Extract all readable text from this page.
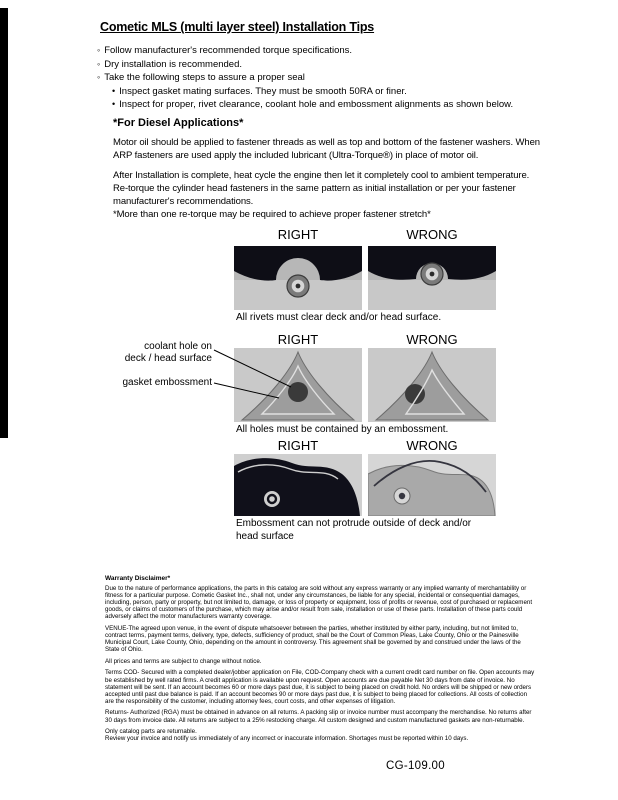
Cometic MLS (multi layer steel) Installation Tips
◦ Follow manufacturer's recommended torque specifications.
◦ Dry installation is recommended.
◦ Take the following steps to assure a proper seal
• Inspect gasket mating surfaces. They must be smooth 50RA or finer.
• Inspect for proper, rivet clearance, coolant hole and embossment alignments as shown below.
*For Diesel Applications*

Motor oil should be applied to fastener threads as well as top and bottom of the fastener washers. When ARP fasteners are used apply the included lubricant (Ultra-Torque®) in place of motor oil.

After Installation is complete, heat cycle the engine then let it completely cool to ambient temperature. Re-torque the cylinder head fasteners in the same pattern as initial installation or per your fastener manufacturer's recommendations.

*More than one re-torque may be required to achieve proper fastener stretch*

RIGHT	WRONG
All rivets must clear deck and/or head surface.
RIGHT	WRONG
coolant hole on
deck / head surface
gasket embossment
All holes must be contained by an embossment.
RIGHT	WRONG
Embossment can not protrude outside of deck and/or head surface
Warranty Disclaimer*

Due to the nature of performance applications, the parts in this catalog are sold without any express warranty or any implied warranty of merchantability or fitness for a particular purpose. Cometic Gasket Inc., shall not, under any circumstances, be liable for any special, incidental or consequential damages, including, person, party or property, but not limited to, damage, or loss of property or equipment, loss of profits or revenue, cost of purchased or replacement goods, or claims of customers of the purchase, which may arise and/or result from sale, installation or use of these parts. Installation of these parts could adversely affect the motor manufacturers warranty coverage.

VENUE-The agreed upon venue, in the event of dispute whatsoever between the parties, whether instituted by either party, including, but not limited to, contract terms, payment terms, delivery, type, defects, sufficiency of product, shall be the Court of Common Pleas, Lake County, Ohio or the Painesville Municipal Court, Lake County, Ohio, depending on the amount in controversy. This agreement shall be governed by and construed under the laws of the State of Ohio.

All prices and terms are subject to change without notice.

Terms COD- Secured with a completed dealer/jobber application on File, COD-Company check with a current credit card number on file. Open accounts may be established by well rated firms. A credit application is available upon request. Open accounts are due payable Net 30 days from date of invoice. No statement will be sent. If an account becomes 60 or more days past due, it is subject to being placed on credit hold. No orders will be shipped or new orders accepted until past due balance is paid. If an account becomes 90 or more days past due, it is subject to being placed for collections. All costs of collection are the responsibility of the customer, including attorney fees, court costs, and other expenses of litigation.

Returns- Authorized (RGA) must be obtained in advance on all returns. A packing slip or invoice number must accompany the merchandise. No returns after 30 days from invoice date. All returns are subject to a 25% restocking charge. All custom designed and custom manufactured gaskets are non-returnable.

Only catalog parts are returnable.

Review your invoice and notify us immediately of any incorrect or inaccurate information. Shortages must be reported within 10 days.

CG-109.00
